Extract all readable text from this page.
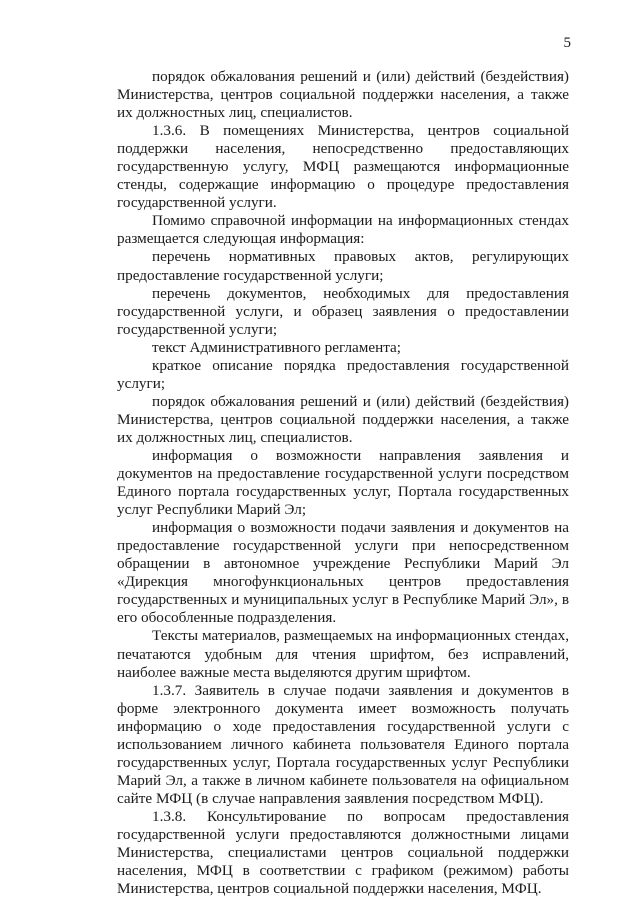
5

порядок обжалования решений и (или) действий (бездействия) Министерства, центров социальной поддержки населения, а также их должностных лиц, специалистов.

1.3.6. В помещениях Министерства, центров социальной поддержки населения, непосредственно предоставляющих государственную услугу, МФЦ размещаются информационные стенды, содержащие информацию о процедуре предоставления государственной услуги.

Помимо справочной информации на информационных стендах размещается следующая информация:

перечень нормативных правовых актов, регулирующих предоставление государственной услуги;

перечень документов, необходимых для предоставления государственной услуги, и образец заявления о предоставлении государственной услуги;

текст Административного регламента;

краткое описание порядка предоставления государственной услуги;

порядок обжалования решений и (или) действий (бездействия) Министерства, центров социальной поддержки населения, а также их должностных лиц, специалистов.

информация о возможности направления заявления и документов на предоставление государственной услуги посредством Единого портала государственных услуг, Портала государственных услуг Республики Марий Эл;

информация о возможности подачи заявления и документов на предоставление государственной услуги при непосредственном обращении в автономное учреждение Республики Марий Эл «Дирекция многофункциональных центров предоставления государственных и муниципальных услуг в Республике Марий Эл», в его обособленные подразделения.

Тексты материалов, размещаемых на информационных стендах, печатаются удобным для чтения шрифтом, без исправлений, наиболее важные места выделяются другим шрифтом.

1.3.7. Заявитель в случае подачи заявления и документов в форме электронного документа имеет возможность получать информацию о ходе предоставления государственной услуги с использованием личного кабинета пользователя Единого портала государственных услуг, Портала государственных услуг Республики Марий Эл, а также в личном кабинете пользователя на официальном сайте МФЦ (в случае направления заявления посредством МФЦ).

1.3.8. Консультирование по вопросам предоставления государственной услуги предоставляются должностными лицами Министерства, специалистами центров социальной поддержки населения, МФЦ в соответствии с графиком (режимом) работы Министерства, центров социальной поддержки населения, МФЦ.
